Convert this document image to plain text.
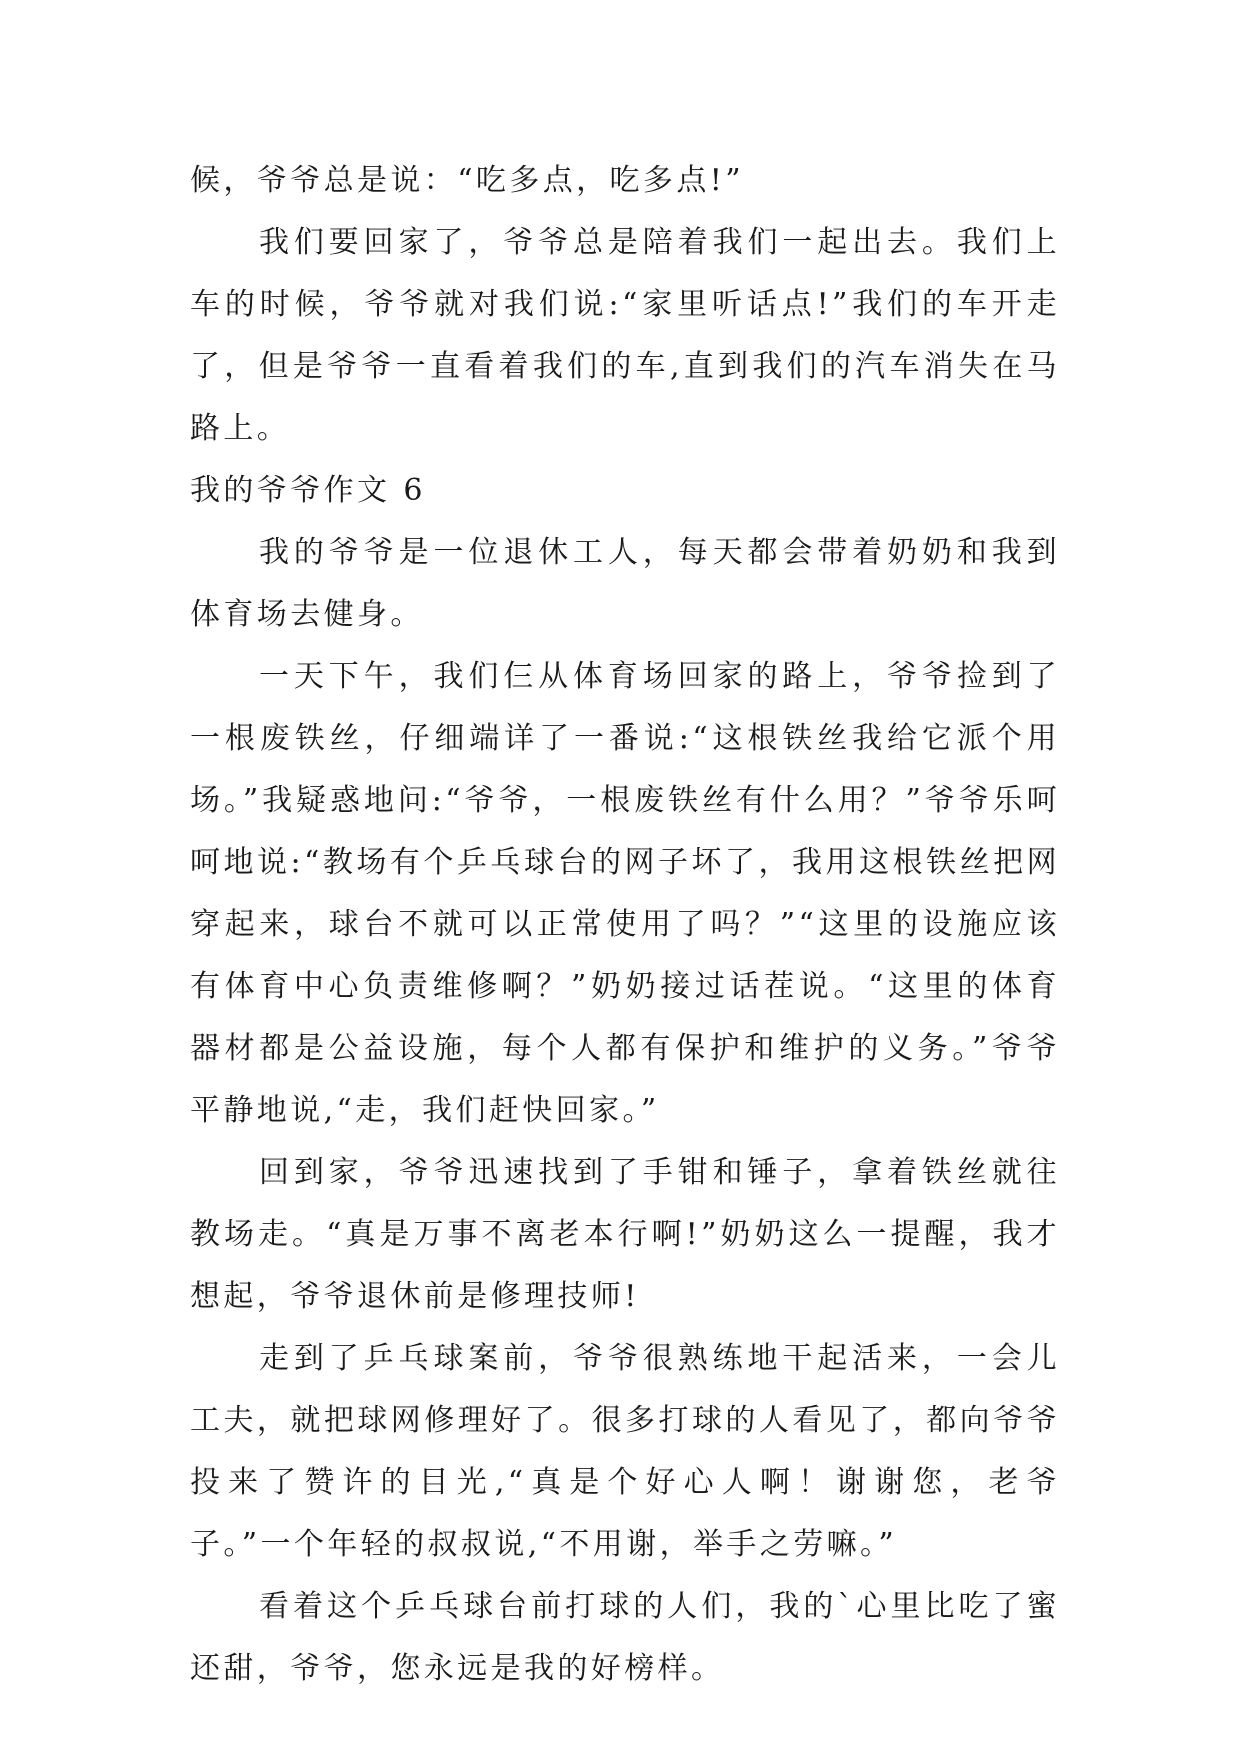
候，爷爷总是说：“吃多点，吃多点!”

我们要回家了，爷爷总是陪着我们一起出去。我们上车的时候，爷爷就对我们说:“家里听话点!”我们的车开走了，但是爷爷一直看着我们的车,直到我们的汽车消失在马路上。

我的爷爷作文 6

我的爷爷是一位退休工人，每天都会带着奶奶和我到体育场去健身。

一天下午，我们仨从体育场回家的路上，爷爷捡到了一根废铁丝，仔细端详了一番说:“这根铁丝我给它派个用场。”我疑惑地问:“爷爷，一根废铁丝有什么用？”爷爷乐呵呵地说:“教场有个乒乓球台的网子坏了，我用这根铁丝把网穿起来，球台不就可以正常使用了吗？”“这里的设施应该有体育中心负责维修啊？”奶奶接过话茬说。“这里的体育器材都是公益设施，每个人都有保护和维护的义务。”爷爷平静地说,“走，我们赶快回家。”

回到家，爷爷迅速找到了手钳和锤子，拿着铁丝就往教场走。“真是万事不离老本行啊!”奶奶这么一提醒，我才想起，爷爷退休前是修理技师!

走到了乒乓球案前，爷爷很熟练地干起活来，一会儿工夫，就把球网修理好了。很多打球的人看见了，都向爷爷投来了赞许的目光,“真是个好心人啊！谢谢您，老爷子。”一个年轻的叔叔说,“不用谢，举手之劳嘛。”

看着这个乒乓球台前打球的人们，我的`心里比吃了蜜还甜，爷爷，您永远是我的好榜样。
